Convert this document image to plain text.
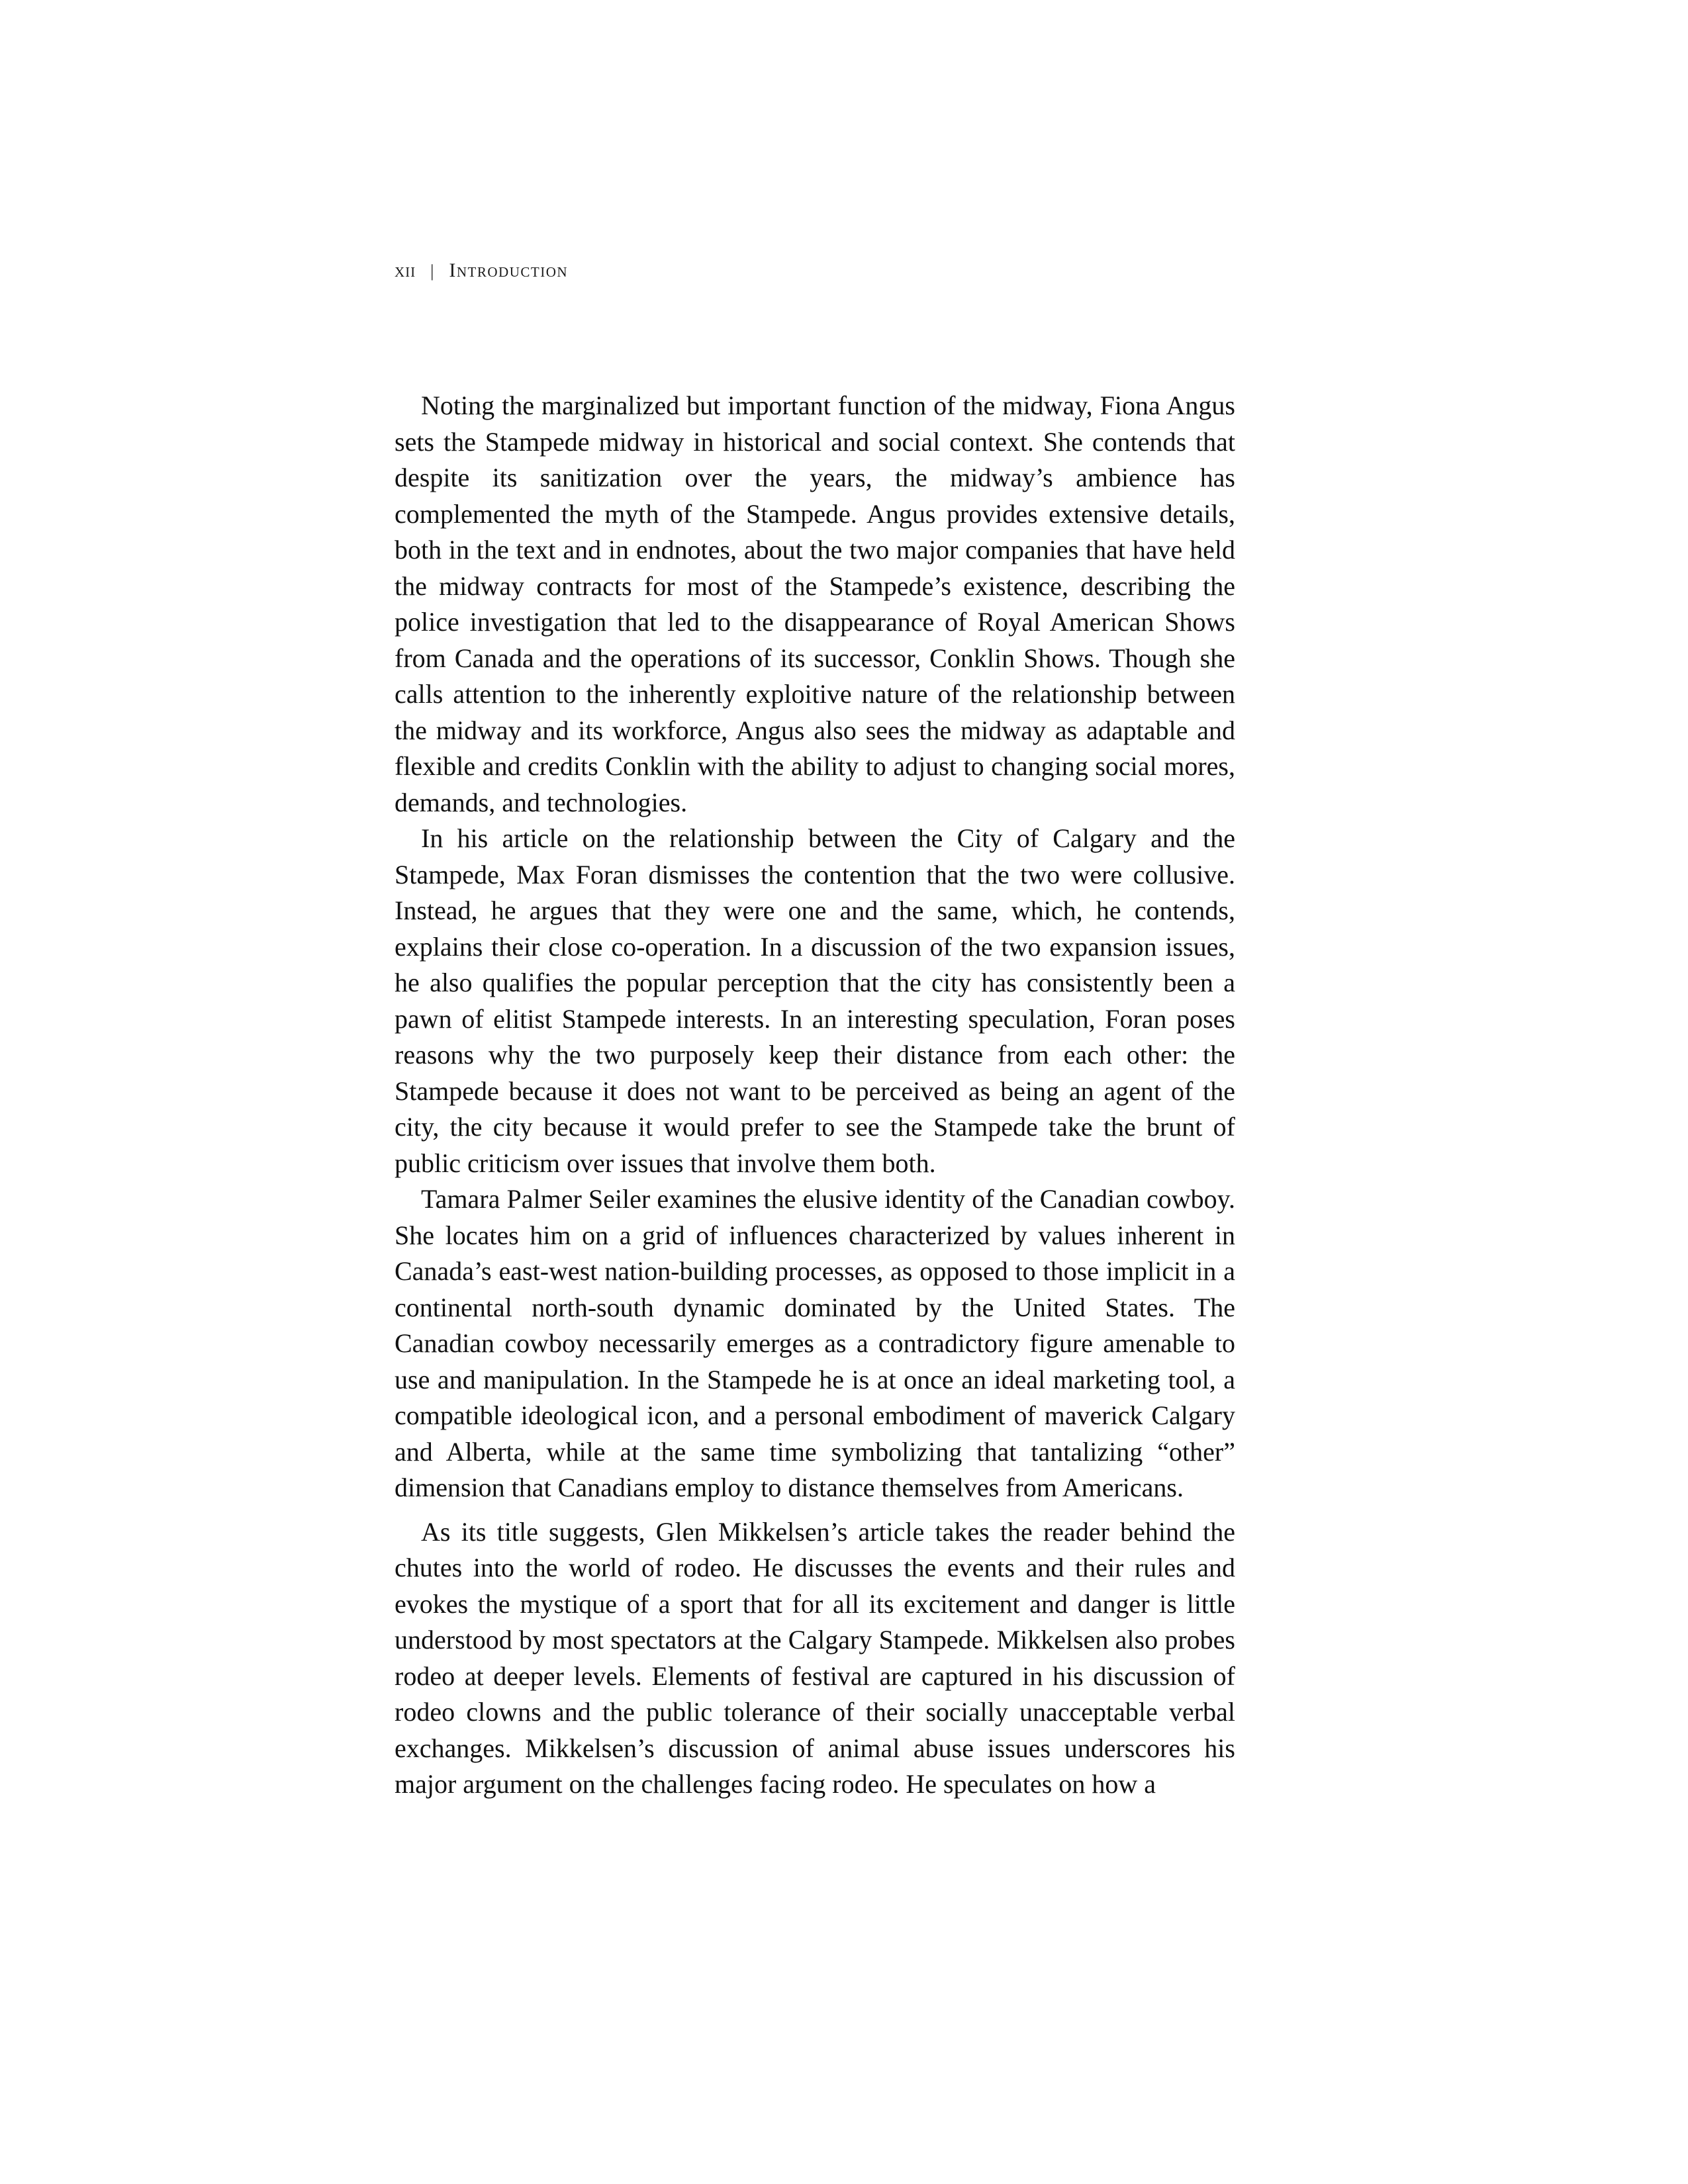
xii | Introduction

Noting the marginalized but important function of the midway, Fiona Angus sets the Stampede midway in historical and social context. She contends that despite its sanitization over the years, the midway’s ambience has complemented the myth of the Stampede. Angus provides extensive details, both in the text and in endnotes, about the two major companies that have held the midway contracts for most of the Stampede’s existence, describing the police investigation that led to the disappearance of Royal American Shows from Canada and the operations of its successor, Conklin Shows. Though she calls attention to the inherently exploitive nature of the relationship between the midway and its workforce, Angus also sees the midway as adaptable and flexible and credits Conklin with the ability to adjust to changing social mores, demands, and technologies.

In his article on the relationship between the City of Calgary and the Stampede, Max Foran dismisses the contention that the two were collusive. Instead, he argues that they were one and the same, which, he contends, explains their close co-operation. In a discussion of the two expansion issues, he also qualifies the popular perception that the city has consistently been a pawn of elitist Stampede interests. In an interesting speculation, Foran poses reasons why the two purposely keep their distance from each other: the Stampede because it does not want to be perceived as being an agent of the city, the city because it would prefer to see the Stampede take the brunt of public criticism over issues that involve them both.

Tamara Palmer Seiler examines the elusive identity of the Canadian cowboy. She locates him on a grid of influences characterized by values inherent in Canada’s east-west nation-building processes, as opposed to those implicit in a continental north-south dynamic dominated by the United States. The Canadian cowboy necessarily emerges as a contradictory figure amenable to use and manipulation. In the Stampede he is at once an ideal marketing tool, a compatible ideological icon, and a personal embodiment of maverick Calgary and Alberta, while at the same time symbolizing that tantalizing “other” dimension that Canadians employ to distance themselves from Americans.

As its title suggests, Glen Mikkelsen’s article takes the reader behind the chutes into the world of rodeo. He discusses the events and their rules and evokes the mystique of a sport that for all its excitement and danger is little understood by most spectators at the Calgary Stampede. Mikkelsen also probes rodeo at deeper levels. Elements of festival are captured in his discussion of rodeo clowns and the public tolerance of their socially unacceptable verbal exchanges. Mikkelsen’s discussion of animal abuse issues underscores his major argument on the challenges facing rodeo. He speculates on how a
